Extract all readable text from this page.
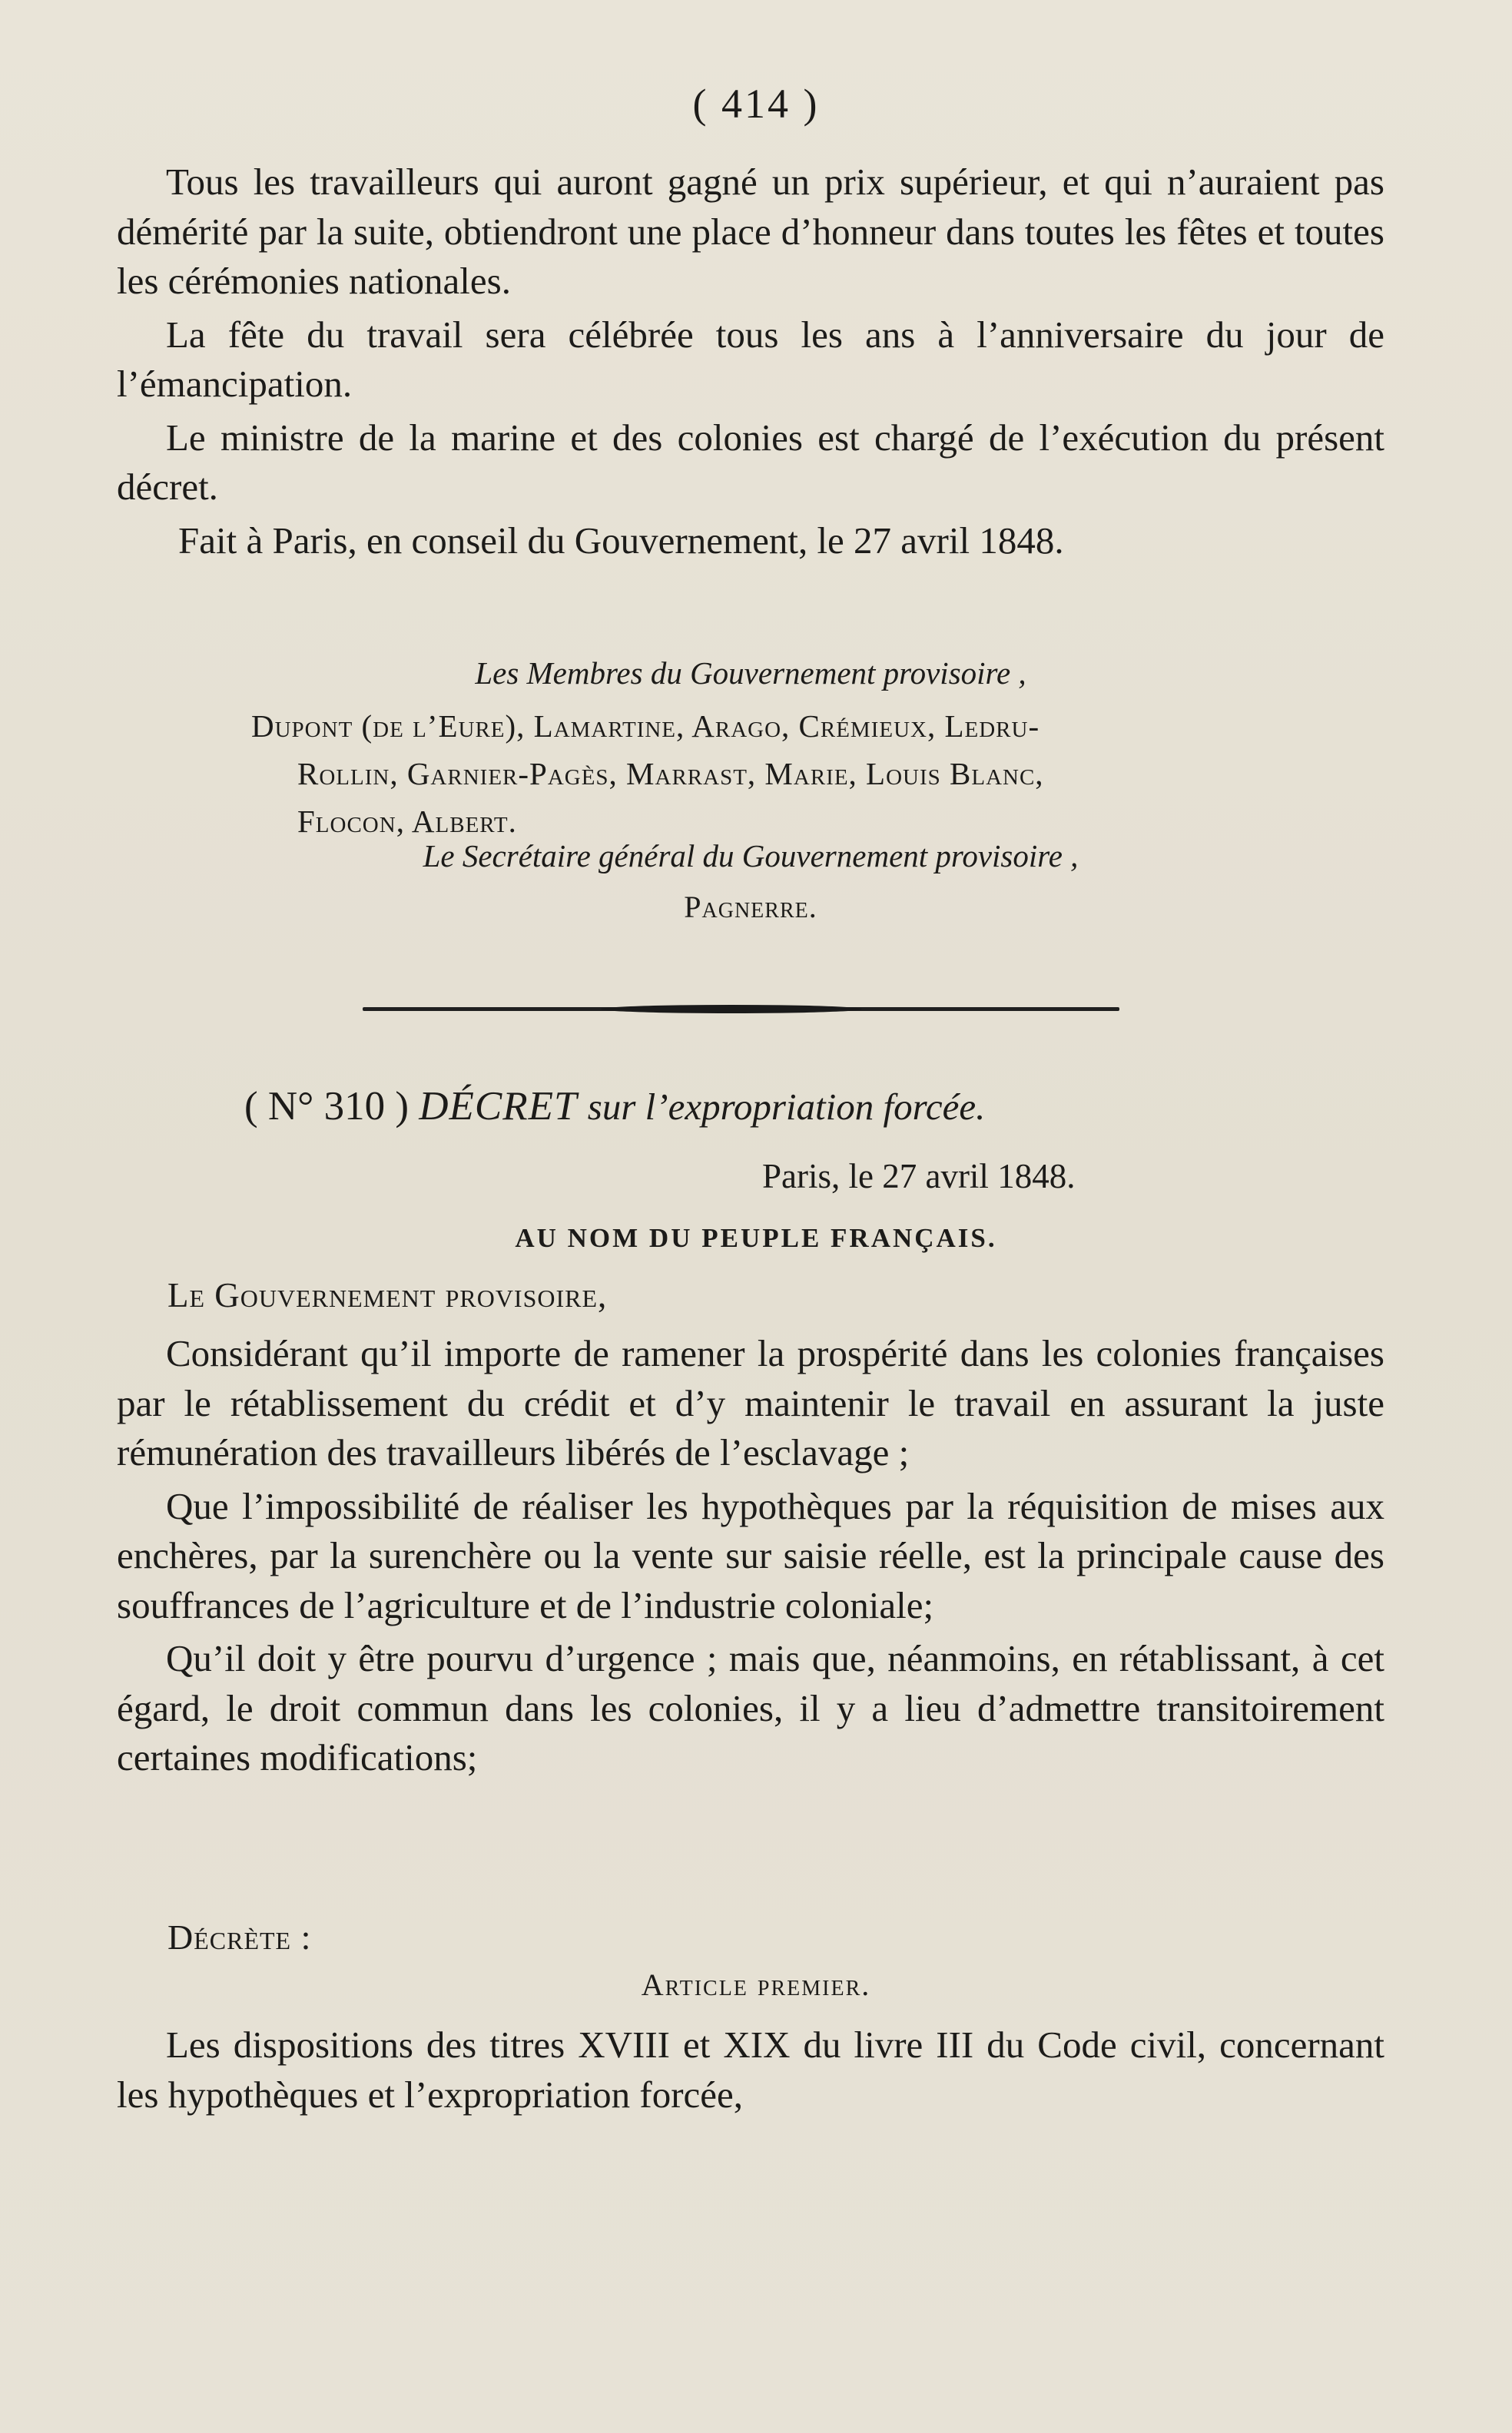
( 414 )

Tous les travailleurs qui auront gagné un prix supérieur, et qui n’auraient pas démérité par la suite, obtiendront une place d’honneur dans toutes les fêtes et toutes les cérémonies nationales.

La fête du travail sera célébrée tous les ans à l’anniversaire du jour de l’émancipation.

Le ministre de la marine et des colonies est chargé de l’exécution du présent décret.

Fait à Paris, en conseil du Gouvernement, le 27 avril 1848.

Les Membres du Gouvernement provisoire ,
Dupont (de l’Eure), Lamartine, Arago, Crémieux, Ledru-
Rollin, Garnier-Pagès, Marrast, Marie, Louis Blanc,
Flocon, Albert.
Le Secrétaire général du Gouvernement provisoire ,
Pagnerre.
( N° 310 ) DÉCRET sur l’expropriation forcée.
Paris, le 27 avril 1848.
AU NOM DU PEUPLE FRANÇAIS.
Le Gouvernement provisoire,

Considérant qu’il importe de ramener la prospérité dans les colonies françaises par le rétablissement du crédit et d’y maintenir le travail en assurant la juste rémunération des travailleurs libérés de l’esclavage ;

Que l’impossibilité de réaliser les hypothèques par la réquisition de mises aux enchères, par la surenchère ou la vente sur saisie réelle, est la principale cause des souffrances de l’agriculture et de l’industrie coloniale;

Qu’il doit y être pourvu d’urgence ; mais que, néanmoins, en rétablissant, à cet égard, le droit commun dans les colonies, il y a lieu d’admettre transitoirement certaines modifications;

Décrète :
Article premier.

Les dispositions des titres XVIII et XIX du livre III du Code civil, concernant les hypothèques et l’expropriation forcée,
